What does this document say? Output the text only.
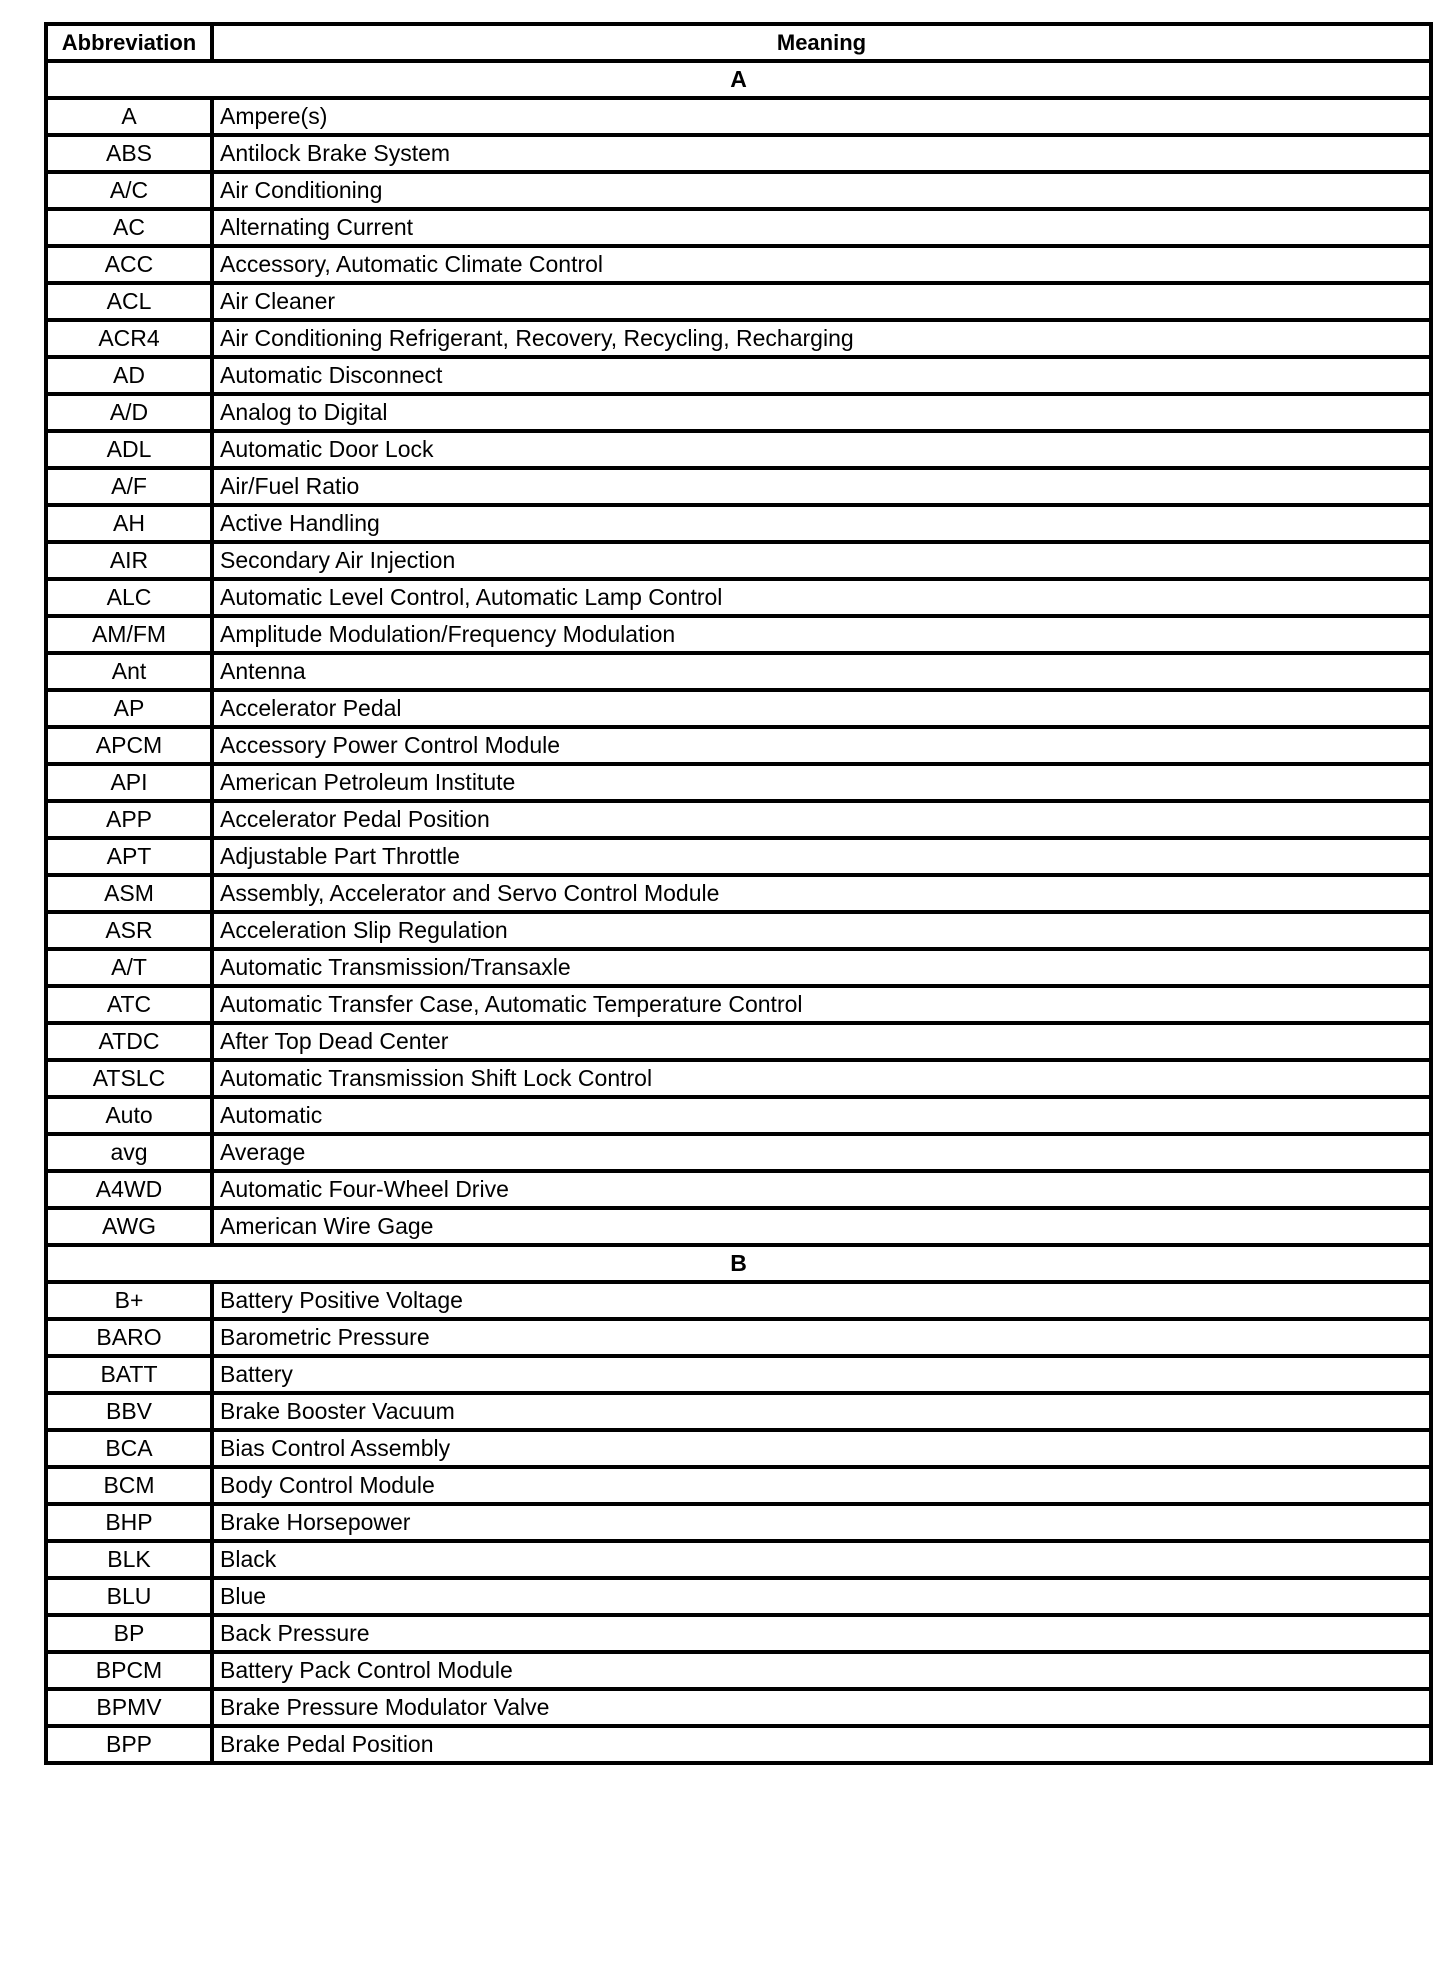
Abbreviation	Meaning
A	
A	Ampere(s)
ABS	Antilock Brake System
A/C	Air Conditioning
AC	Alternating Current
ACC	Accessory, Automatic Climate Control
ACL	Air Cleaner
ACR4	Air Conditioning Refrigerant, Recovery, Recycling, Recharging
AD	Automatic Disconnect
A/D	Analog to Digital
ADL	Automatic Door Lock
A/F	Air/Fuel Ratio
AH	Active Handling
AIR	Secondary Air Injection
ALC	Automatic Level Control, Automatic Lamp Control
AM/FM	Amplitude Modulation/Frequency Modulation
Ant	Antenna
AP	Accelerator Pedal
APCM	Accessory Power Control Module
API	American Petroleum Institute
APP	Accelerator Pedal Position
APT	Adjustable Part Throttle
ASM	Assembly, Accelerator and Servo Control Module
ASR	Acceleration Slip Regulation
A/T	Automatic Transmission/Transaxle
ATC	Automatic Transfer Case, Automatic Temperature Control
ATDC	After Top Dead Center
ATSLC	Automatic Transmission Shift Lock Control
Auto	Automatic
avg	Average
A4WD	Automatic Four-Wheel Drive
AWG	American Wire Gage
B	
B+	Battery Positive Voltage
BARO	Barometric Pressure
BATT	Battery
BBV	Brake Booster Vacuum
BCA	Bias Control Assembly
BCM	Body Control Module
BHP	Brake Horsepower
BLK	Black
BLU	Blue
BP	Back Pressure
BPCM	Battery Pack Control Module
BPMV	Brake Pressure Modulator Valve
BPP	Brake Pedal Position
